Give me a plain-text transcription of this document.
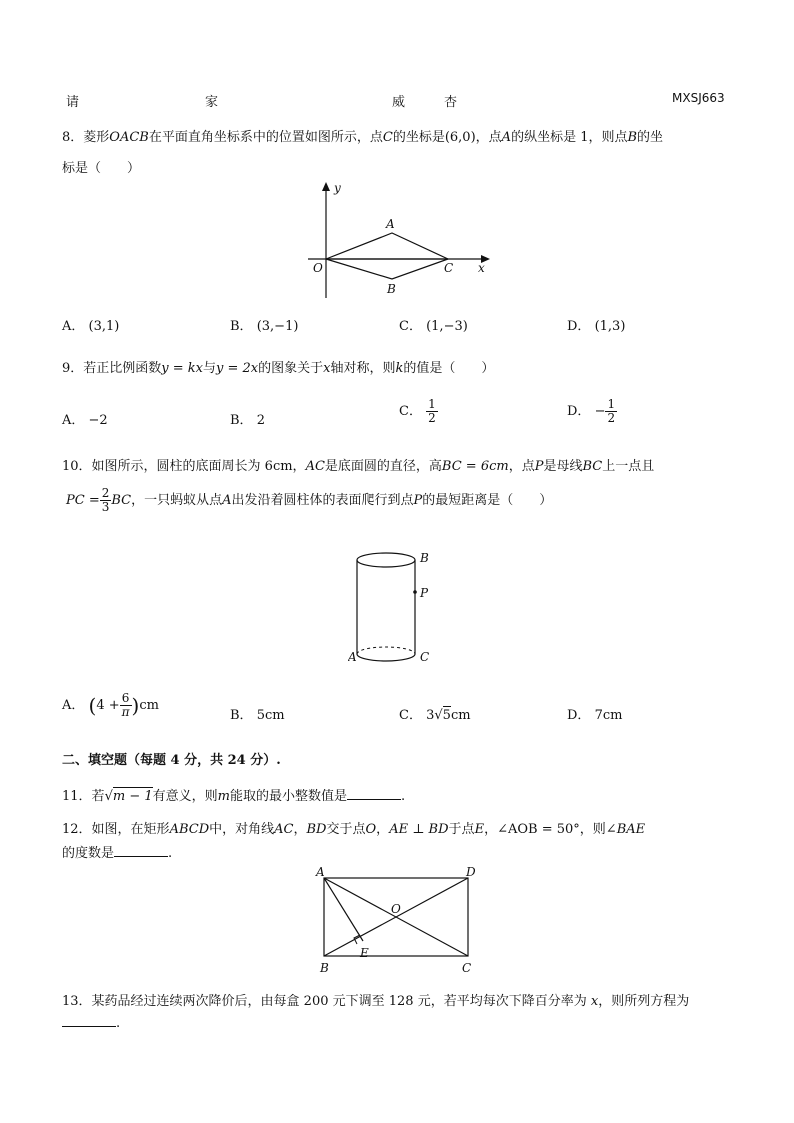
请	家	威	杏	MXSJ663
8．菱形OACB在平面直角坐标系中的位置如图所示，点C的坐标是(6,0)，点A的纵坐标是 1，则点B的坐
标是（　　）
y
x
O
A
C
B
A． (3,1)	B． (3,−1)	C． (1,−3)	D． (1,3)
9．若正比例函数y = kx与y = 2x的图象关于x轴对称，则k的值是（　　）
A． −2	B． 2
C． $\frac{1}{2}$	D． − $\frac{1}{2}$
10．如图所示，圆柱的底面周长为 6cm，AC是底面圆的直径，高BC = 6cm，点P是母线BC上一点且
PC = $\frac{2}{3}$ BC，一只蚂蚁从点A出发沿着圆柱体的表面爬行到点P的最短距离是（　　）
B
P
A	C
A． $(4 + \frac{6}{\pi} )cm$
B． 5cm	C． 3√5cm	D． 7cm
二、填空题（每题 4 分，共 24 分）.
11．若√m − 1有意义，则m能取的最小整数值是	.
12．如图，在矩形ABCD中，对角线AC，BD交于点O，AE ⊥ BD于点E，∠AOB = 50°，则∠BAE
的度数是	.
A	D
O
E
B	C
13．某药品经过连续两次降价后，由每盒 200 元下调至 128 元，若平均每次下降百分率为 x，则所列方程为
.
